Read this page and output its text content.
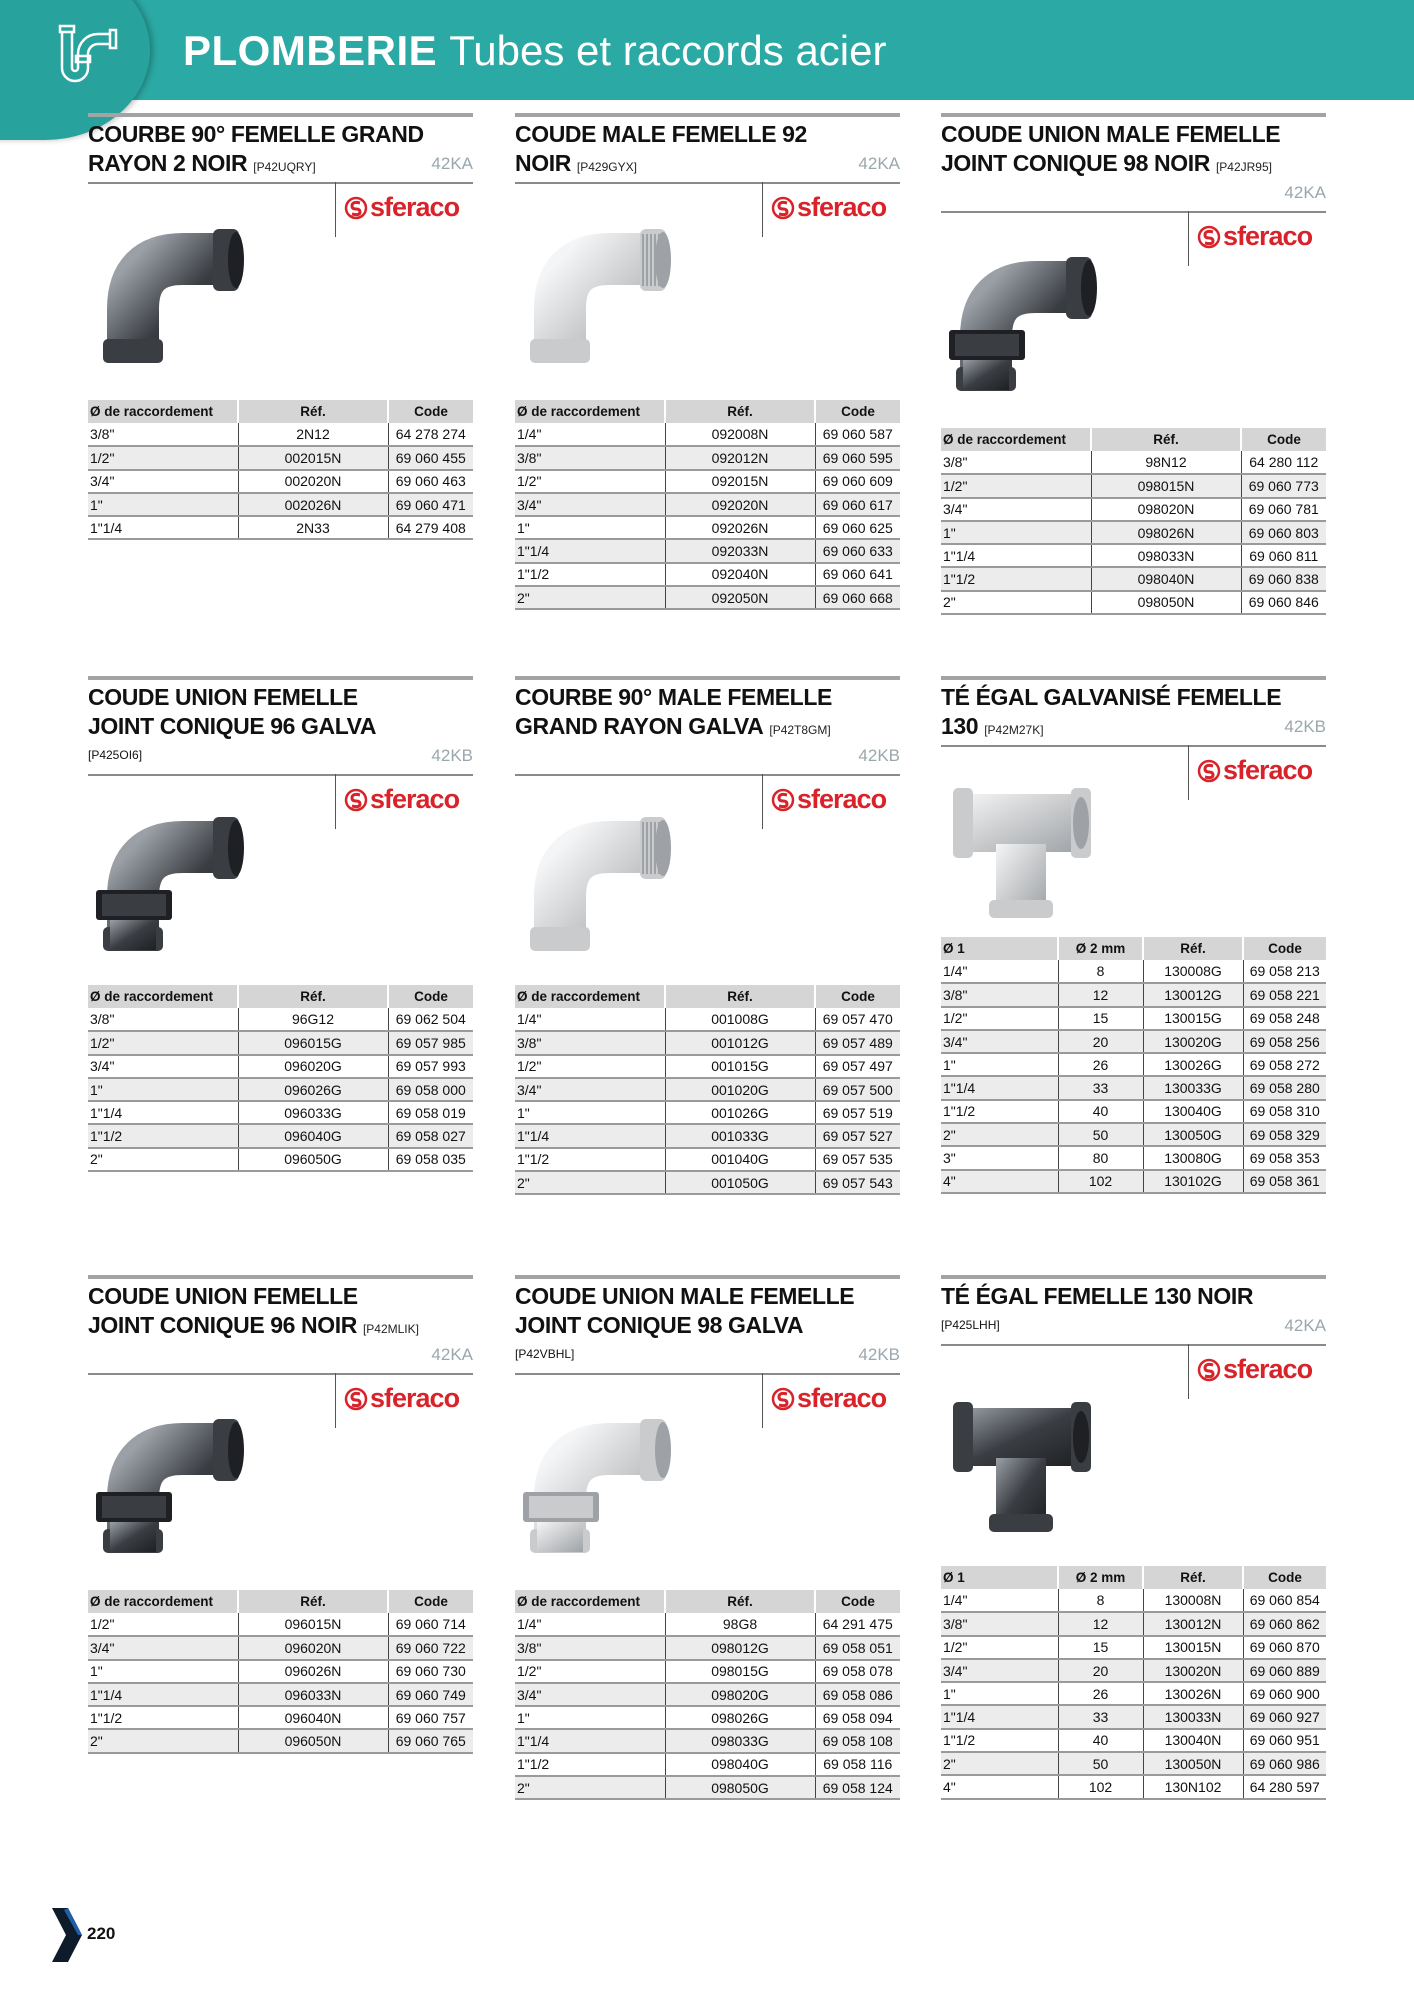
PLOMBERIE Tubes et raccords acier
COURBE 90° FEMELLE GRAND
RAYON 2 NOIR [P42UQRY]	42KA
sferaco
Ø de raccordement	Réf.	Code
3/8"	2N12	64 278 274
1/2"	002015N	69 060 455
3/4"	002020N	69 060 463
1"	002026N	69 060 471
1"1/4	2N33	64 279 408
COUDE MALE FEMELLE 92
NOIR [P429GYX]	42KA
sferaco
Ø de raccordement	Réf.	Code
1/4"	092008N	69 060 587
3/8"	092012N	69 060 595
1/2"	092015N	69 060 609
3/4"	092020N	69 060 617
1"	092026N	69 060 625
1"1/4	092033N	69 060 633
1"1/2	092040N	69 060 641
2"	092050N	69 060 668
COUDE UNION MALE FEMELLE
JOINT CONIQUE 98 NOIR [P42JR95]
42KA
sferaco
Ø de raccordement	Réf.	Code
3/8"	98N12	64 280 112
1/2"	098015N	69 060 773
3/4"	098020N	69 060 781
1"	098026N	69 060 803
1"1/4	098033N	69 060 811
1"1/2	098040N	69 060 838
2"	098050N	69 060 846
COUDE UNION FEMELLE
JOINT CONIQUE 96 GALVA
[P425OI6]	42KB
sferaco
Ø de raccordement	Réf.	Code
3/8"	96G12	69 062 504
1/2"	096015G	69 057 985
3/4"	096020G	69 057 993
1"	096026G	69 058 000
1"1/4	096033G	69 058 019
1"1/2	096040G	69 058 027
2"	096050G	69 058 035
COURBE 90° MALE FEMELLE
GRAND RAYON GALVA [P42T8GM]
42KB
sferaco
Ø de raccordement	Réf.	Code
1/4"	001008G	69 057 470
3/8"	001012G	69 057 489
1/2"	001015G	69 057 497
3/4"	001020G	69 057 500
1"	001026G	69 057 519
1"1/4	001033G	69 057 527
1"1/2	001040G	69 057 535
2"	001050G	69 057 543
TÉ ÉGAL GALVANISÉ FEMELLE
130 [P42M27K]	42KB
sferaco
Ø 1	Ø 2 mm	Réf.	Code
1/4"	8	130008G	69 058 213
3/8"	12	130012G	69 058 221
1/2"	15	130015G	69 058 248
3/4"	20	130020G	69 058 256
1"	26	130026G	69 058 272
1"1/4	33	130033G	69 058 280
1"1/2	40	130040G	69 058 310
2"	50	130050G	69 058 329
3"	80	130080G	69 058 353
4"	102	130102G	69 058 361
COUDE UNION FEMELLE
JOINT CONIQUE 96 NOIR [P42MLIK]
42KA
sferaco
Ø de raccordement	Réf.	Code
1/2"	096015N	69 060 714
3/4"	096020N	69 060 722
1"	096026N	69 060 730
1"1/4	096033N	69 060 749
1"1/2	096040N	69 060 757
2"	096050N	69 060 765
COUDE UNION MALE FEMELLE
JOINT CONIQUE 98 GALVA
[P42VBHL]	42KB
sferaco
Ø de raccordement	Réf.	Code
1/4"	98G8	64 291 475
3/8"	098012G	69 058 051
1/2"	098015G	69 058 078
3/4"	098020G	69 058 086
1"	098026G	69 058 094
1"1/4	098033G	69 058 108
1"1/2	098040G	69 058 116
2"	098050G	69 058 124
TÉ ÉGAL FEMELLE 130 NOIR
[P425LHH]	42KA
sferaco
Ø 1	Ø 2 mm	Réf.	Code
1/4"	8	130008N	69 060 854
3/8"	12	130012N	69 060 862
1/2"	15	130015N	69 060 870
3/4"	20	130020N	69 060 889
1"	26	130026N	69 060 900
1"1/4	33	130033N	69 060 927
1"1/2	40	130040N	69 060 951
2"	50	130050N	69 060 986
4"	102	130N102	64 280 597
220
